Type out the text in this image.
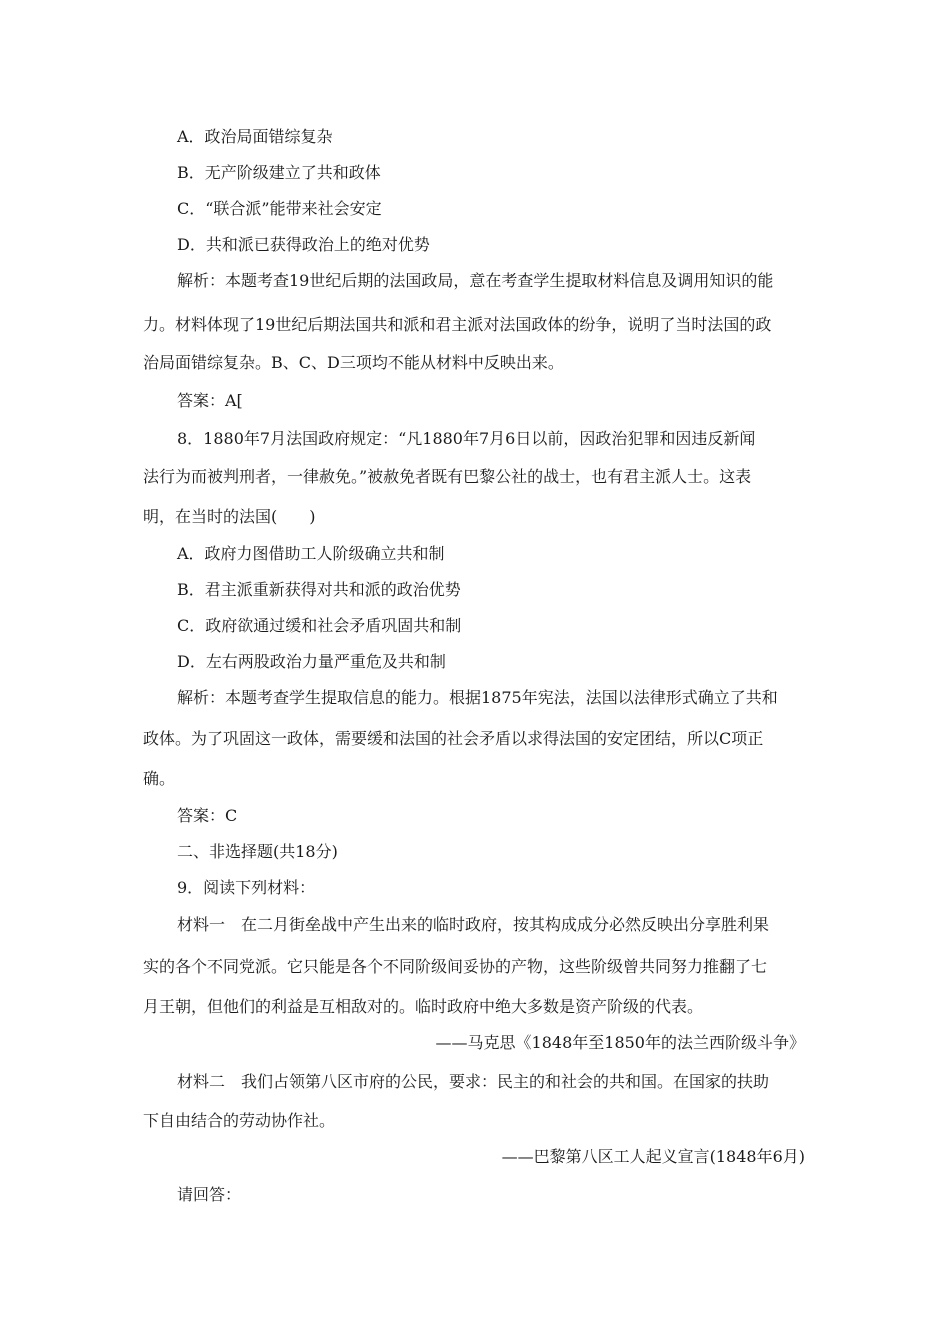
A．政治局面错综复杂
B．无产阶级建立了共和政体
C．“联合派”能带来社会安定
D．共和派已获得政治上的绝对优势
解析：本题考查19世纪后期的法国政局，意在考查学生提取材料信息及调用知识的能
力。材料体现了19世纪后期法国共和派和君主派对法国政体的纷争，说明了当时法国的政
治局面错综复杂。B、C、D三项均不能从材料中反映出来。
答案：A[
8．1880年7月法国政府规定：“凡1880年7月6日以前，因政治犯罪和因违反新闻
法行为而被判刑者，一律赦免。”被赦免者既有巴黎公社的战士，也有君主派人士。这表
明，在当时的法国(　　)
A．政府力图借助工人阶级确立共和制
B．君主派重新获得对共和派的政治优势
C．政府欲通过缓和社会矛盾巩固共和制
D．左右两股政治力量严重危及共和制
解析：本题考查学生提取信息的能力。根据1875年宪法，法国以法律形式确立了共和
政体。为了巩固这一政体，需要缓和法国的社会矛盾以求得法国的安定团结，所以C项正
确。
答案：C
二、非选择题(共18分)
9．阅读下列材料：
材料一　在二月街垒战中产生出来的临时政府，按其构成成分必然反映出分享胜利果
实的各个不同党派。它只能是各个不同阶级间妥协的产物，这些阶级曾共同努力推翻了七
月王朝，但他们的利益是互相敌对的。临时政府中绝大多数是资产阶级的代表。
——马克思《1848年至1850年的法兰西阶级斗争》
材料二　我们占领第八区市府的公民，要求：民主的和社会的共和国。在国家的扶助
下自由结合的劳动协作社。
——巴黎第八区工人起义宣言(1848年6月)
请回答：
